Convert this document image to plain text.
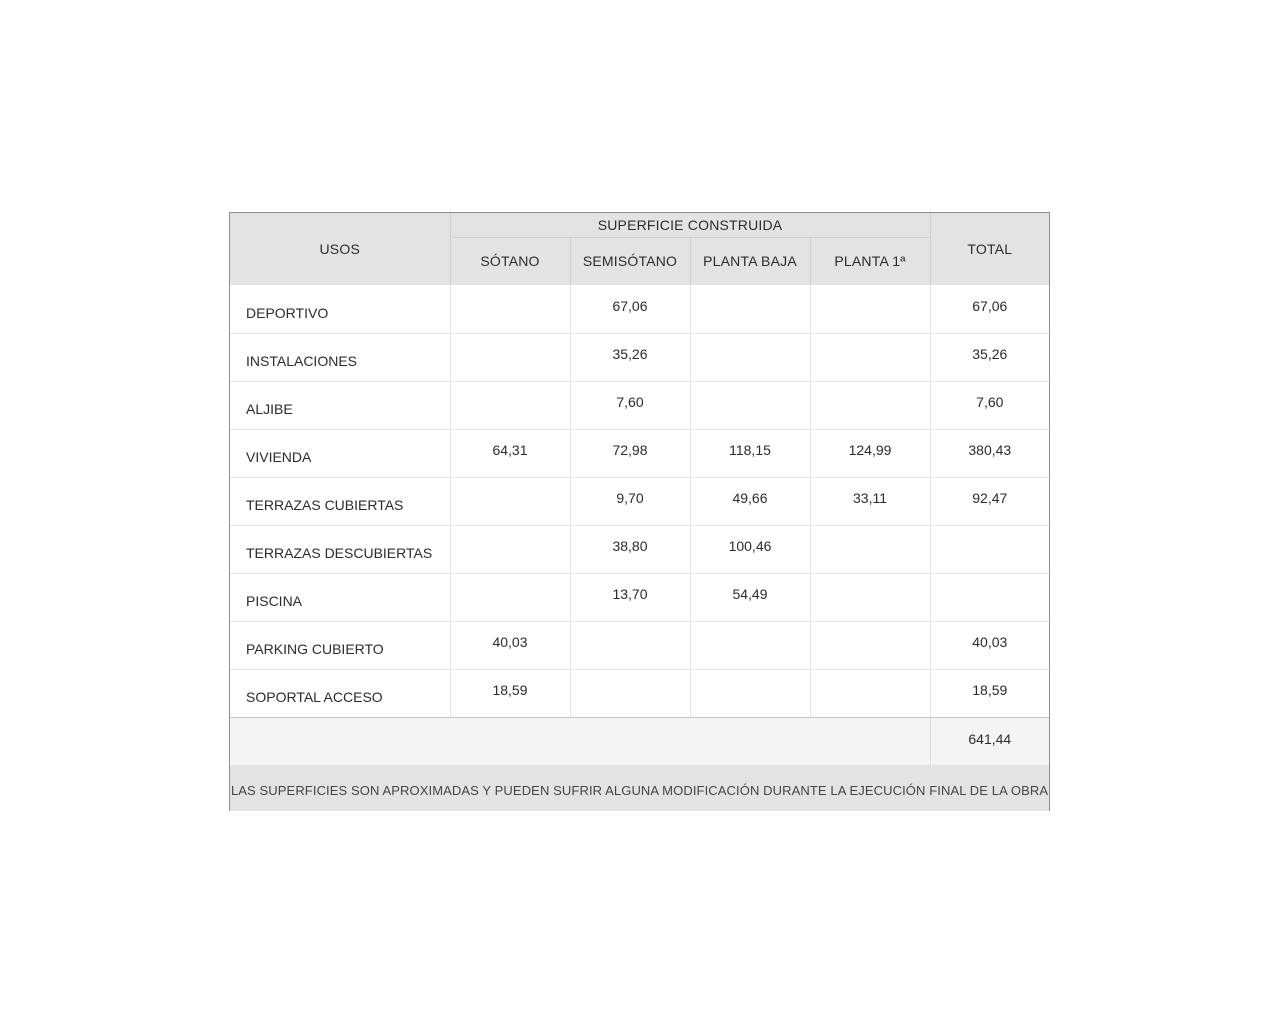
USOS	SUPERFICIE CONSTRUIDA				TOTAL
	SÓTANO	SEMISÓTANO	PLANTA BAJA	PLANTA 1ª	
DEPORTIVO		67,06			67,06
INSTALACIONES		35,26			35,26
ALJIBE		7,60			7,60
VIVIENDA	64,31	72,98	118,15	124,99	380,43
TERRAZAS CUBIERTAS		9,70	49,66	33,11	92,47
TERRAZAS DESCUBIERTAS		38,80	100,46		
PISCINA		13,70	54,49		
PARKING CUBIERTO	40,03				40,03
SOPORTAL ACCESO	18,59				18,59
					641,44
LAS SUPERFICIES SON APROXIMADAS Y PUEDEN SUFRIR ALGUNA MODIFICACIÓN DURANTE LA EJECUCIÓN FINAL DE LA OBRA					
